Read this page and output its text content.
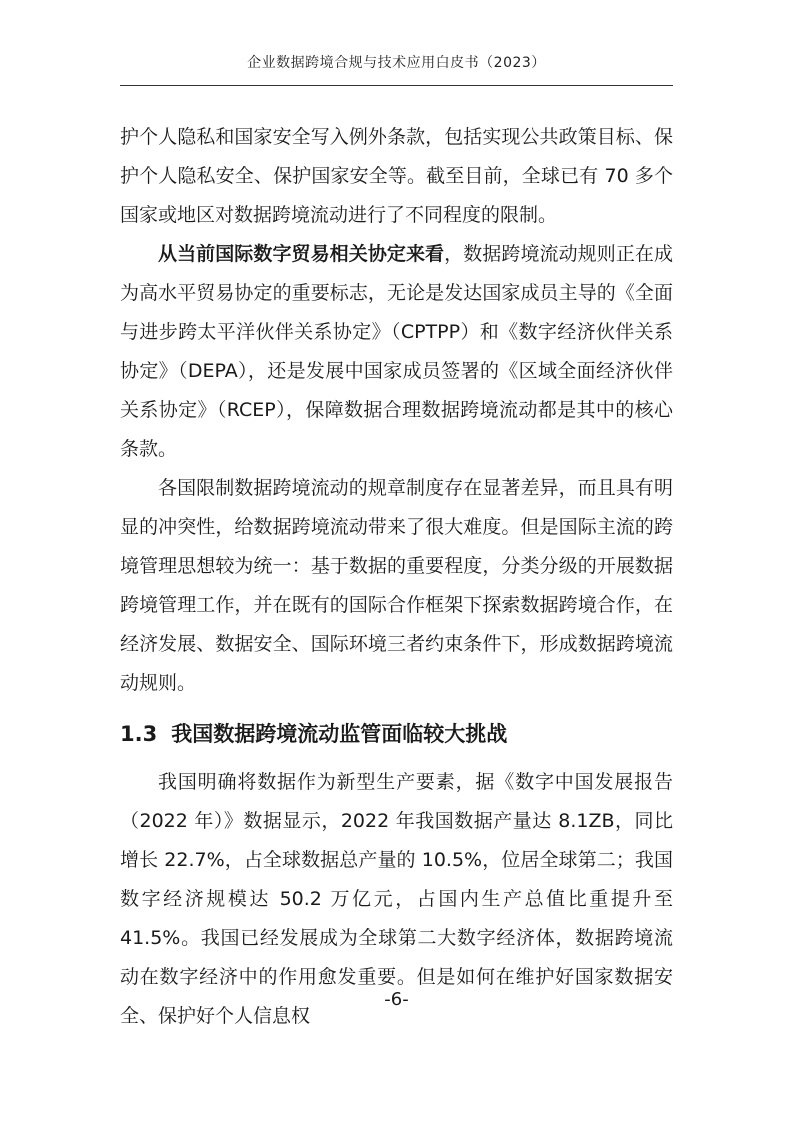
企业数据跨境合规与技术应用白皮书（2023）

护个人隐私和国家安全写入例外条款，包括实现公共政策目标、保护个人隐私安全、保护国家安全等。截至目前，全球已有 70 多个国家或地区对数据跨境流动进行了不同程度的限制。

从当前国际数字贸易相关协定来看，数据跨境流动规则正在成为高水平贸易协定的重要标志，无论是发达国家成员主导的《全面与进步跨太平洋伙伴关系协定》（CPTPP）和《数字经济伙伴关系协定》（DEPA），还是发展中国家成员签署的《区域全面经济伙伴关系协定》（RCEP），保障数据合理数据跨境流动都是其中的核心条款。

各国限制数据跨境流动的规章制度存在显著差异，而且具有明显的冲突性，给数据跨境流动带来了很大难度。但是国际主流的跨境管理思想较为统一：基于数据的重要程度，分类分级的开展数据跨境管理工作，并在既有的国际合作框架下探索数据跨境合作，在经济发展、数据安全、国际环境三者约束条件下，形成数据跨境流动规则。

1.3 我国数据跨境流动监管面临较大挑战

我国明确将数据作为新型生产要素，据《数字中国发展报告（2022 年）》数据显示，2022 年我国数据产量达 8.1ZB，同比增长 22.7%，占全球数据总产量的 10.5%，位居全球第二；我国数字经济规模达 50.2 万亿元，占国内生产总值比重提升至 41.5%。我国已经发展成为全球第二大数字经济体，数据跨境流动在数字经济中的作用愈发重要。但是如何在维护好国家数据安全、保护好个人信息权

-6-
